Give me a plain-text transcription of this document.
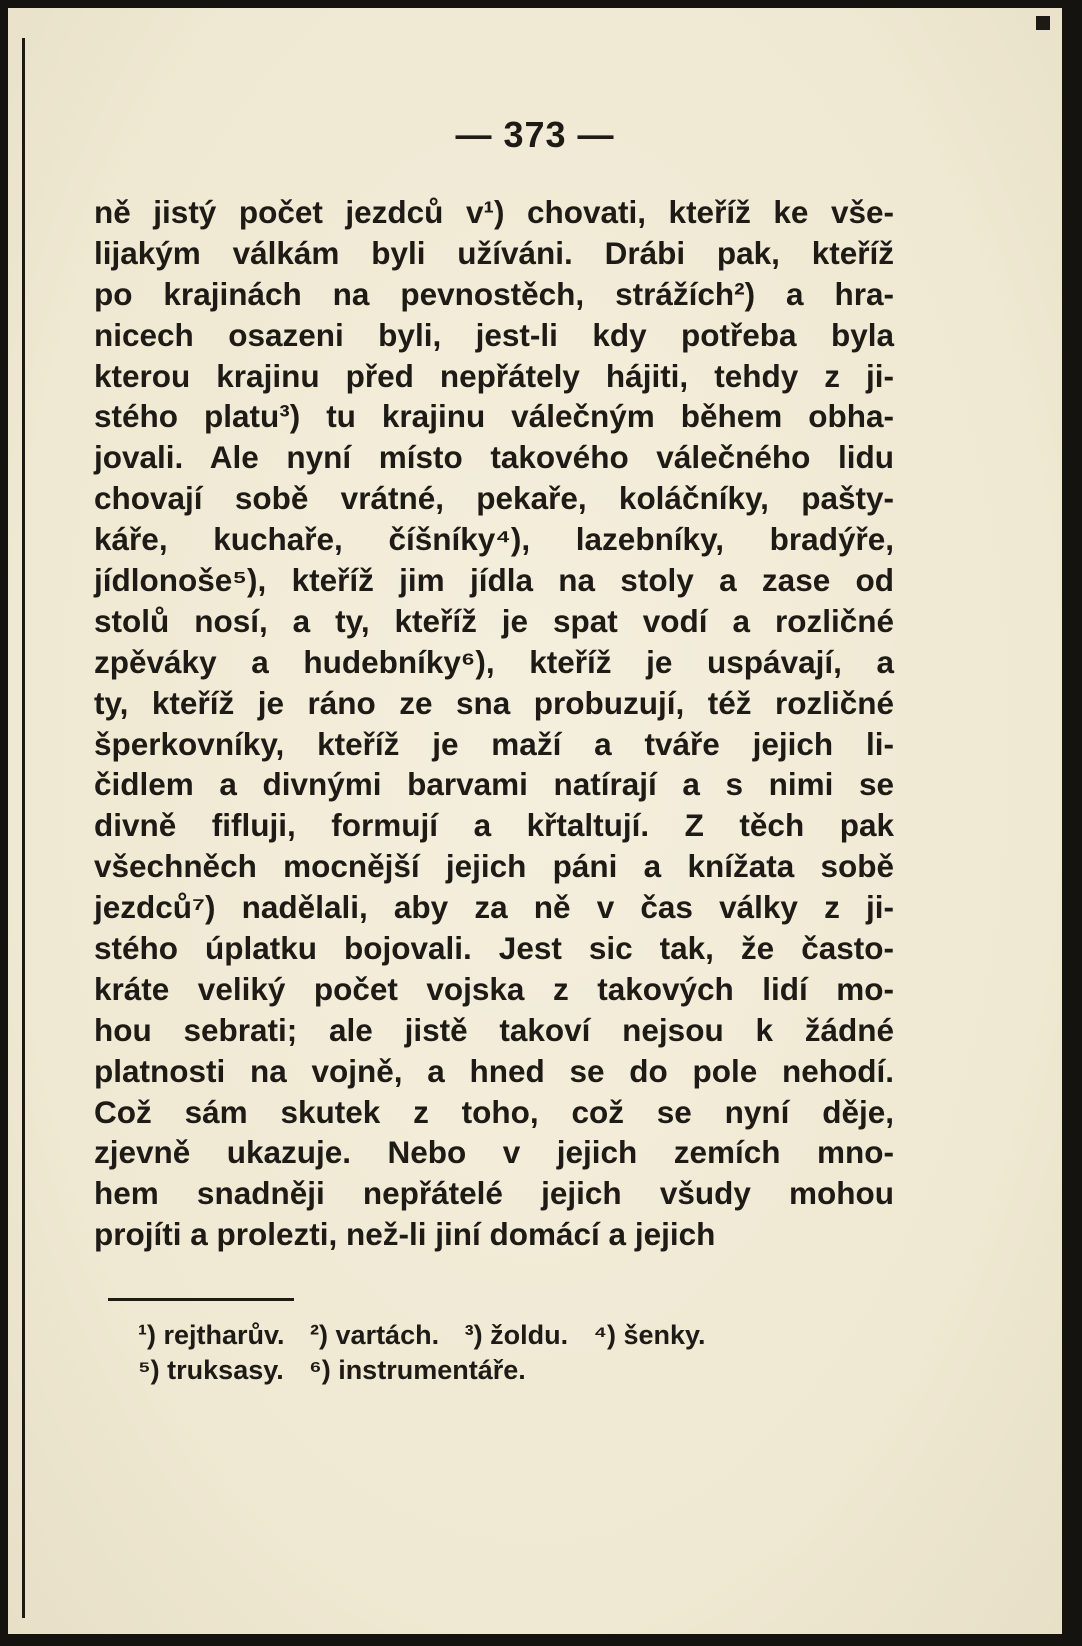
— 373 —
ně jistý počet jezdců v¹) chovati, kteříž ke vše-
lijakým válkám byli užíváni. Drábi pak, kteříž
po krajinách na pevnostěch, strážích²) a hra-
nicech osazeni byli, jest-li kdy potřeba byla
kterou krajinu před nepřátely hájiti, tehdy z ji-
stého platu³) tu krajinu válečným během obha-
jovali. Ale nyní místo takového válečného lidu
chovají sobě vrátné, pekaře, koláčníky, pašty-
káře, kuchaře, číšníky⁴), lazebníky, bradýře,
jídlonoše⁵), kteříž jim jídla na stoly a zase od
stolů nosí, a ty, kteříž je spat vodí a rozličné
zpěváky a hudebníky⁶), kteříž je uspávají, a
ty, kteříž je ráno ze sna probuzují, též rozličné
šperkovníky, kteříž je maží a tváře jejich li-
čidlem a divnými barvami natírají a s nimi se
divně fifluji, formují a křtaltují. Z těch pak
všechněch mocnější jejich páni a knížata sobě
jezdců⁷) nadělali, aby za ně v čas války z ji-
stého úplatku bojovali. Jest sic tak, že často-
kráte veliký počet vojska z takových lidí mo-
hou sebrati; ale jistě takoví nejsou k žádné
platnosti na vojně, a hned se do pole nehodí.
Což sám skutek z toho, což se nyní děje,
zjevně ukazuje. Nebo v jejich zemích mno-
hem snadněji nepřátelé jejich všudy mohou
projíti a prolezti, než-li jiní domácí a jejich
¹) rejtharův. ²) vartách. ³) žoldu. ⁴) šenky.
⁵) truksasy. ⁶) instrumentáře.
